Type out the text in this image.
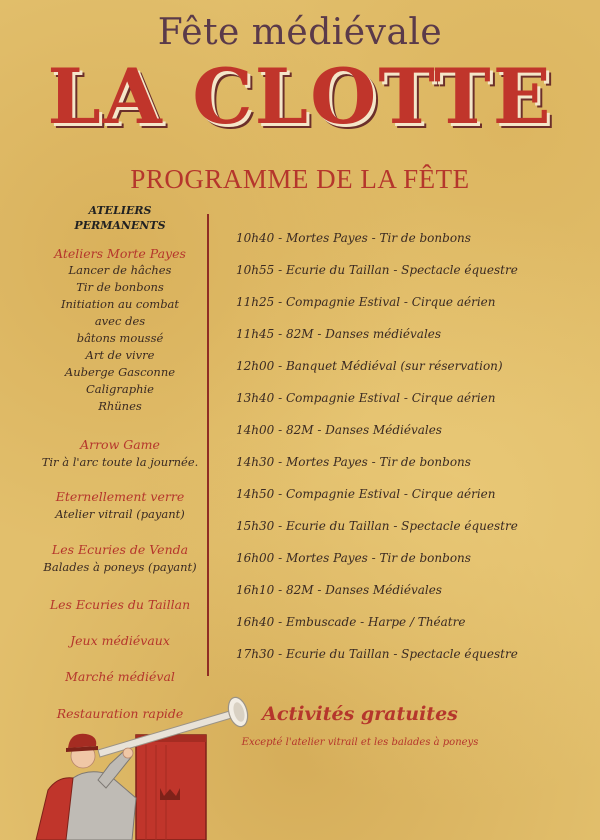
Fête médiévale
LA CLOTTE
PROGRAMME DE LA FÊTE
ATELIERS
PERMANENTS
Ateliers Morte Payes
Lancer de hâches
Tir de bonbons
Initiation au combat
avec des
bâtons moussé
Art de vivre
Auberge Gasconne
Caligraphie
Rhünes
Arrow Game
Tir à l'arc toute la journée.
Eternellement verre
Atelier vitrail (payant)
Les Ecuries de Venda
Balades à poneys (payant)
Les Ecuries du Taillan
Jeux médiévaux
Marché médiéval
Restauration rapide
10h40 - Mortes Payes - Tir de bonbons
10h55 - Ecurie du Taillan - Spectacle équestre
11h25 - Compagnie Estival - Cirque aérien
11h45 - 82M - Danses médiévales
12h00 - Banquet Médiéval (sur réservation)
13h40 - Compagnie Estival - Cirque aérien
14h00 - 82M - Danses Médiévales
14h30 - Mortes Payes - Tir de bonbons
14h50 - Compagnie Estival - Cirque aérien
15h30 - Ecurie du Taillan - Spectacle équestre
16h00 - Mortes Payes - Tir de bonbons
16h10 - 82M - Danses Médiévales
16h40 - Embuscade - Harpe / Théatre
17h30 - Ecurie du Taillan - Spectacle équestre
Activités gratuites
Excepté l'atelier vitrail et les balades à poneys
